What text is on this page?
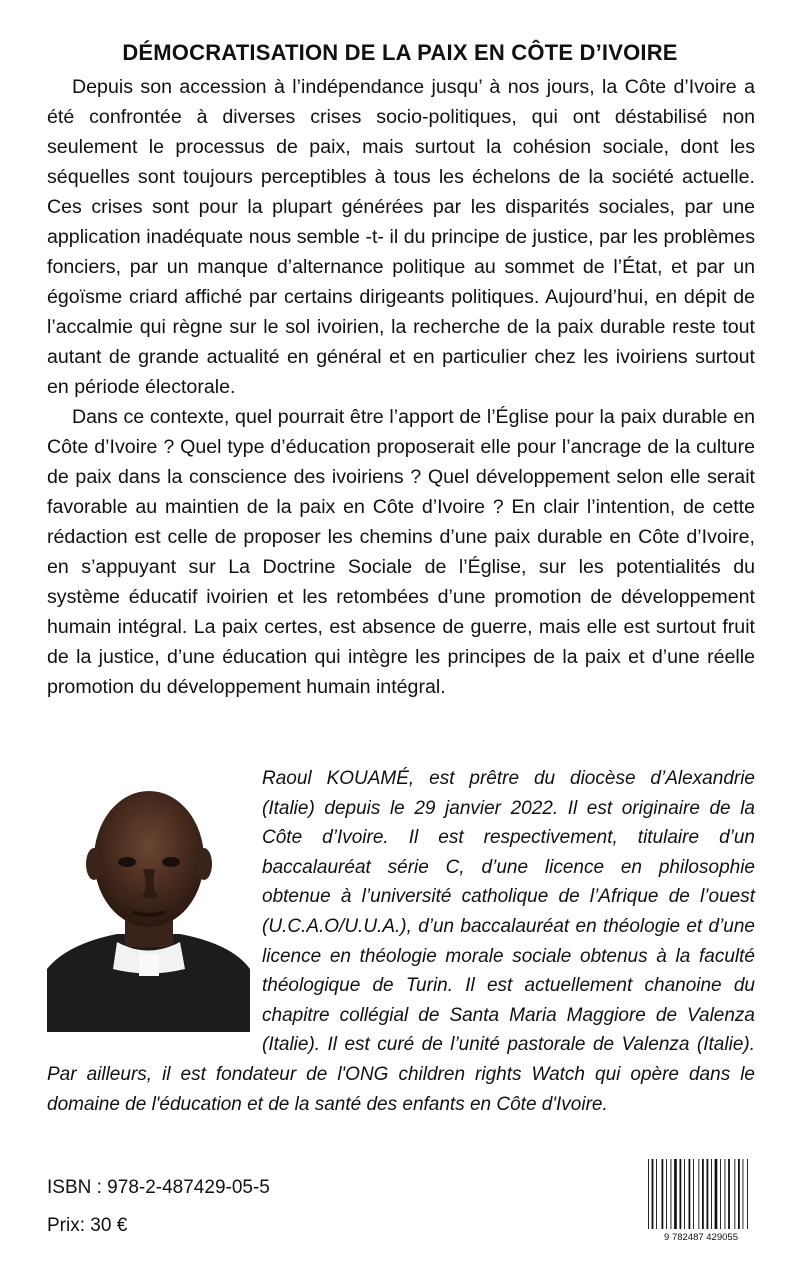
DÉMOCRATISATION DE LA PAIX EN CÔTE D’IVOIRE

Depuis son accession à l’indépendance jusqu’ à nos jours, la Côte d’Ivoire a été confrontée à diverses crises socio-politiques, qui ont déstabilisé non seulement le processus de paix, mais surtout la cohésion sociale, dont les séquelles sont toujours perceptibles à tous les échelons de la société actuelle. Ces crises sont pour la plupart générées par les disparités sociales, par une application inadéquate nous semble -t- il du principe de justice, par les problèmes fonciers, par un manque d’alternance politique au sommet de l’État, et par un égoïsme criard affiché par certains dirigeants politiques. Aujourd’hui, en dépit de l’accalmie qui règne sur le sol ivoirien, la recherche de la paix durable reste tout autant de grande actualité en général et en particulier chez les ivoiriens surtout en période électorale.

Dans ce contexte, quel pourrait être l’apport de l’Église pour la paix durable en Côte d’Ivoire ? Quel type d’éducation proposerait elle pour l’ancrage de la culture de paix dans la conscience des ivoiriens ? Quel développement selon elle serait favorable au maintien de la paix en Côte d’Ivoire ? En clair l’intention, de cette rédaction est celle de proposer les chemins d’une paix durable en Côte d’Ivoire, en s’appuyant sur La Doctrine Sociale de l’Église, sur les potentialités du système éducatif ivoirien et les retombées d’une promotion de développement humain intégral. La paix certes, est absence de guerre, mais elle est surtout fruit de la justice, d’une éducation qui intègre les principes de la paix et d’une réelle promotion du développement humain intégral.

Raoul KOUAMÉ, est prêtre du diocèse d’Alexandrie (Italie) depuis le 29 janvier 2022. Il est originaire de la Côte d’Ivoire. Il est respectivement, titulaire d’un baccalauréat série C, d’une licence en philosophie obtenue à l’université catholique de l’Afrique de l’ouest (U.C.A.O/U.U.A.), d’un baccalauréat en théologie et d’une licence en théologie morale sociale obtenus à la faculté théologique de Turin. Il est actuellement chanoine du chapitre collégial de Santa Maria Maggiore de Valenza (Italie). Il est curé de l’unité pastorale de Valenza (Italie). Par ailleurs, il est fondateur de l'ONG children rights Watch qui opère dans le domaine de l'éducation et de la santé des enfants en Côte d'Ivoire.

ISBN : 978-2-487429-05-5
Prix: 30 €
9 782487 429055
